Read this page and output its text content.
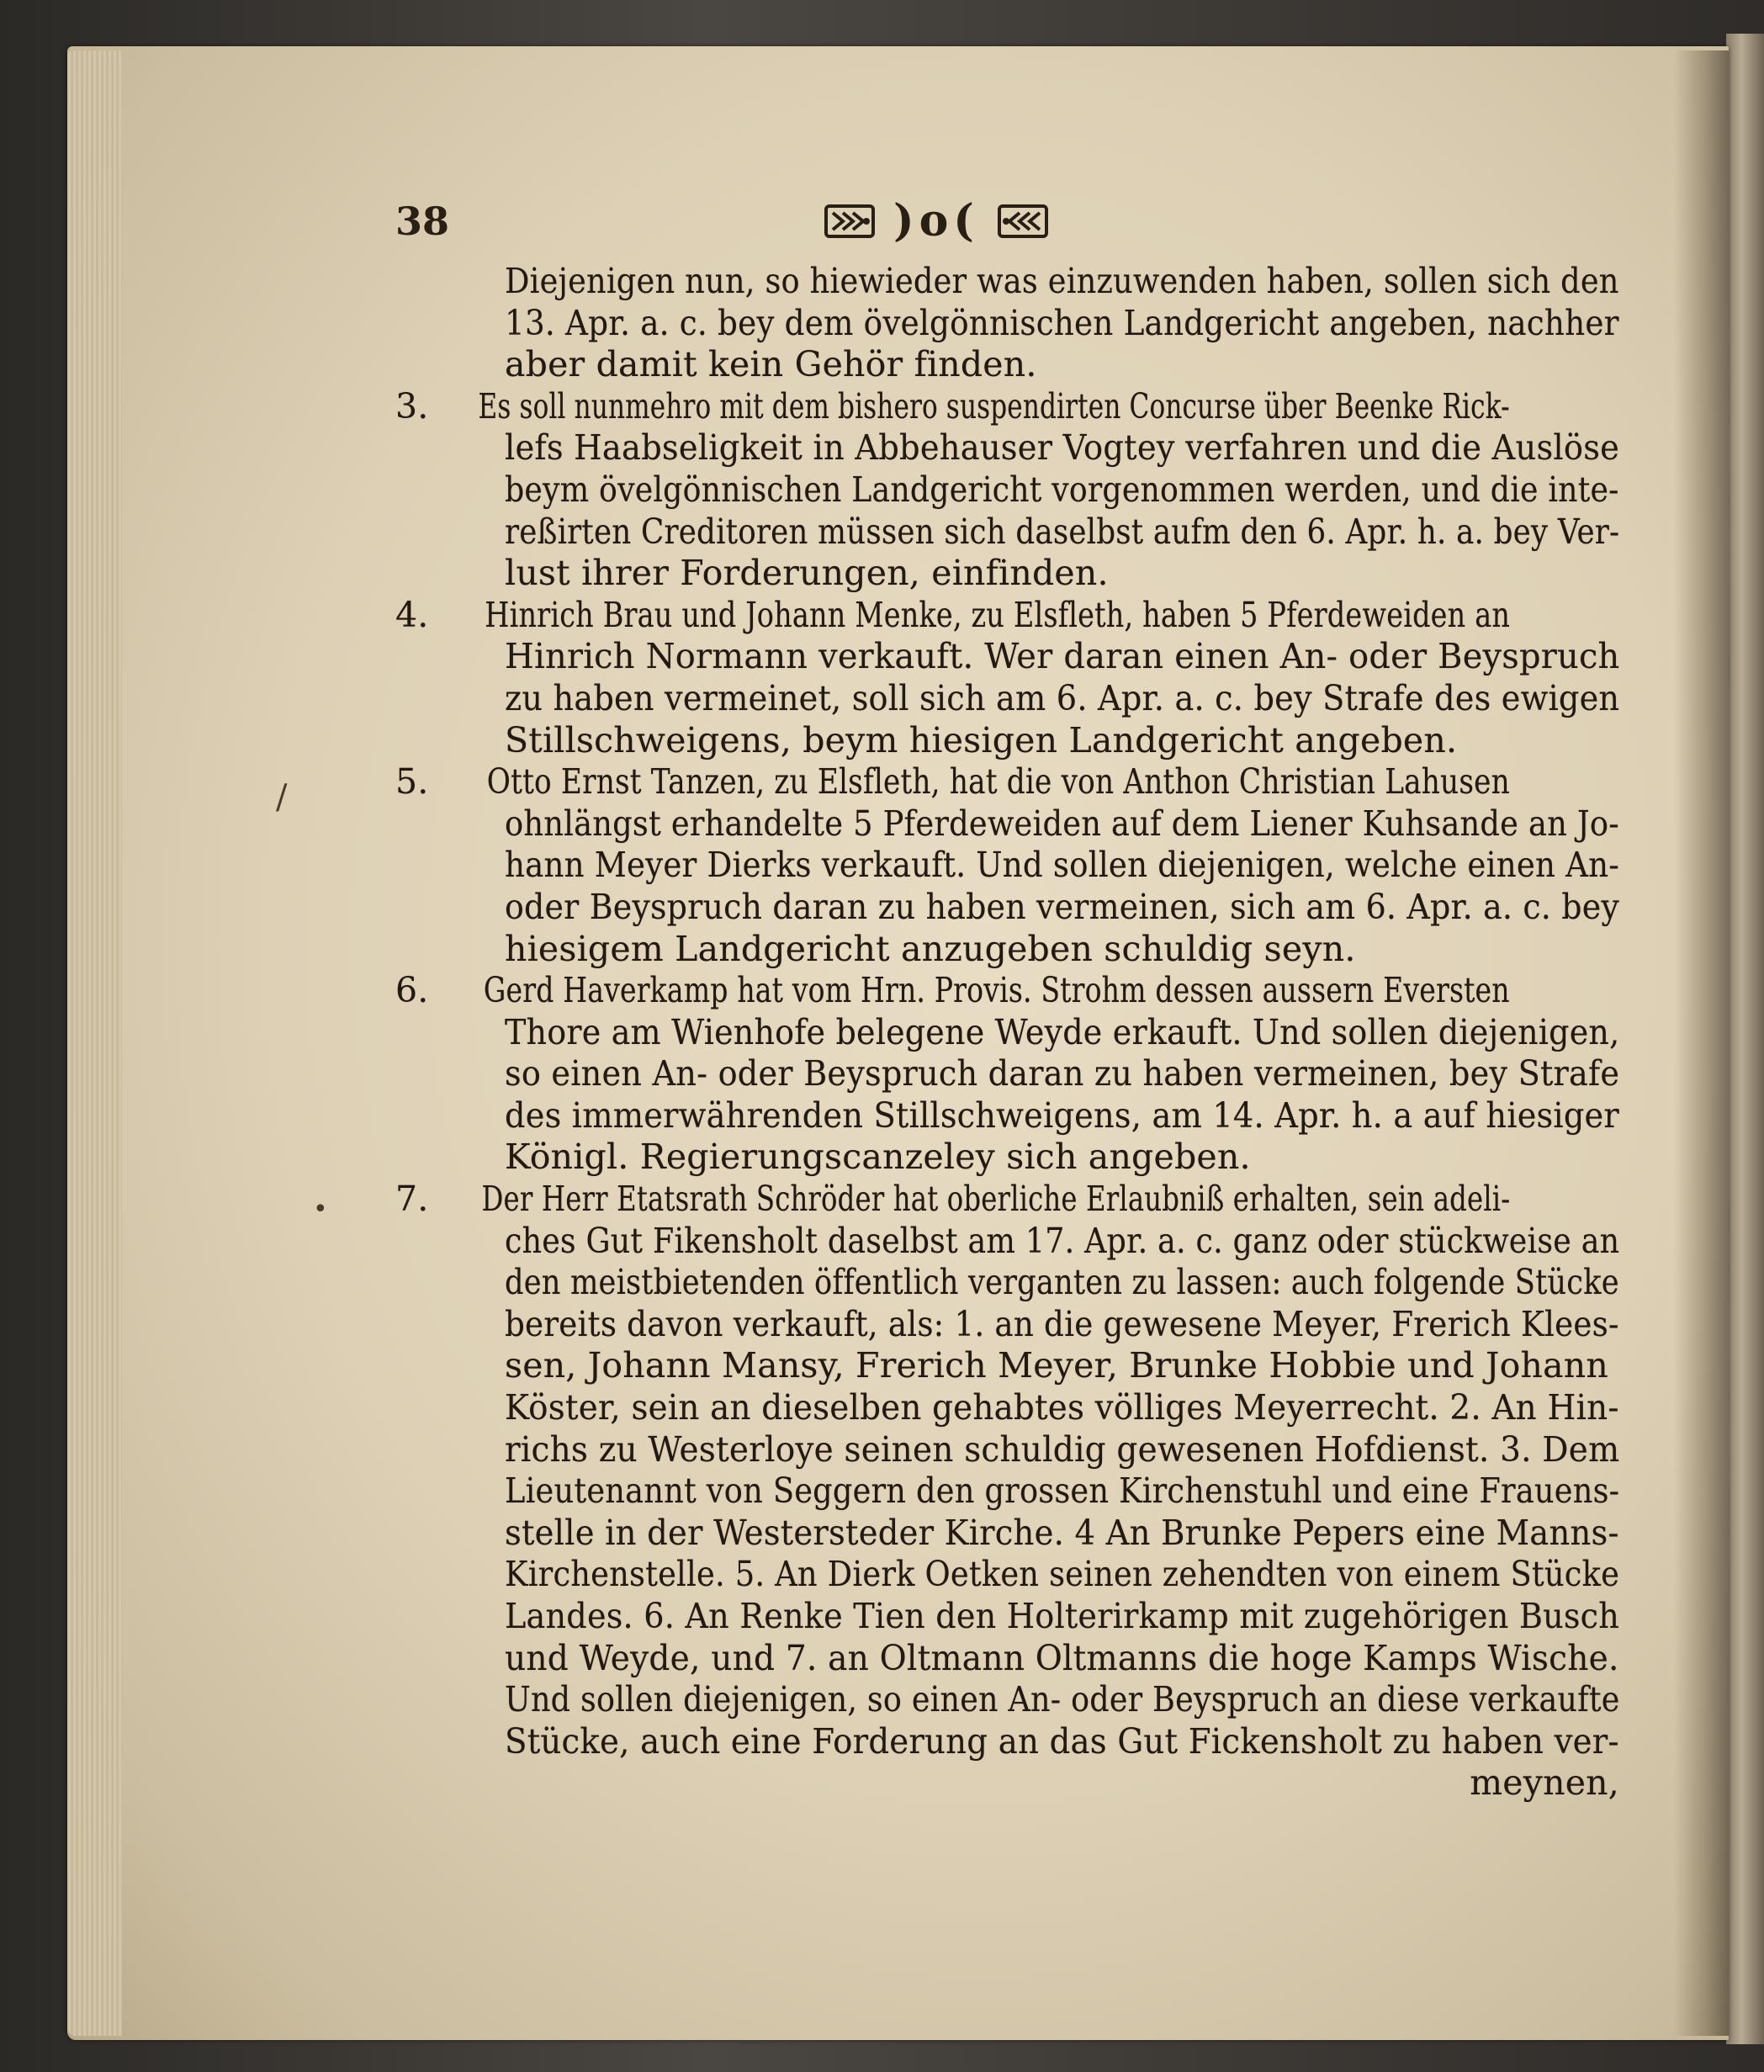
38	)o(
/
•
Diejenigen nun, so hiewieder was einzuwenden haben, sollen sich den
13. Apr. a. c. bey dem övelgönnischen Landgericht angeben, nachher
aber damit kein Gehör finden.
3.	Es soll nunmehro mit dem bishero suspendirten Concurse über Beenke Rick-
lefs Haabseligkeit in Abbehauser Vogtey verfahren und die Auslöse
beym övelgönnischen Landgericht vorgenommen werden, und die inte-
reßirten Creditoren müssen sich daselbst aufm den 6. Apr. h. a. bey Ver-
lust ihrer Forderungen, einfinden.
4.	Hinrich Brau und Johann Menke, zu Elsfleth, haben 5 Pferdeweiden an
Hinrich Normann verkauft. Wer daran einen An- oder Beyspruch
zu haben vermeinet, soll sich am 6. Apr. a. c. bey Strafe des ewigen
Stillschweigens, beym hiesigen Landgericht angeben.
5.	Otto Ernst Tanzen, zu Elsfleth, hat die von Anthon Christian Lahusen
ohnlängst erhandelte 5 Pferdeweiden auf dem Liener Kuhsande an Jo-
hann Meyer Dierks verkauft. Und sollen diejenigen, welche einen An-
oder Beyspruch daran zu haben vermeinen, sich am 6. Apr. a. c. bey
hiesigem Landgericht anzugeben schuldig seyn.
6.	Gerd Haverkamp hat vom Hrn. Provis. Strohm dessen aussern Eversten
Thore am Wienhofe belegene Weyde erkauft. Und sollen diejenigen,
so einen An- oder Beyspruch daran zu haben vermeinen, bey Strafe
des immerwährenden Stillschweigens, am 14. Apr. h. a auf hiesiger
Königl. Regierungscanzeley sich angeben.
7.	Der Herr Etatsrath Schröder hat oberliche Erlaubniß erhalten, sein adeli-
ches Gut Fikensholt daselbst am 17. Apr. a. c. ganz oder stückweise an
den meistbietenden öffentlich verganten zu lassen: auch folgende Stücke
bereits davon verkauft, als: 1. an die gewesene Meyer, Frerich Klees-
sen, Johann Mansy, Frerich Meyer, Brunke Hobbie und Johann
Köster, sein an dieselben gehabtes völliges Meyerrecht. 2. An Hin-
richs zu Westerloye seinen schuldig gewesenen Hofdienst. 3. Dem
Lieutenannt von Seggern den grossen Kirchenstuhl und eine Frauens-
stelle in der Westersteder Kirche. 4 An Brunke Pepers eine Manns-
Kirchenstelle. 5. An Dierk Oetken seinen zehendten von einem Stücke
Landes. 6. An Renke Tien den Holterirkamp mit zugehörigen Busch
und Weyde, und 7. an Oltmann Oltmanns die hoge Kamps Wische.
Und sollen diejenigen, so einen An- oder Beyspruch an diese verkaufte
Stücke, auch eine Forderung an das Gut Fickensholt zu haben ver-
meynen,
